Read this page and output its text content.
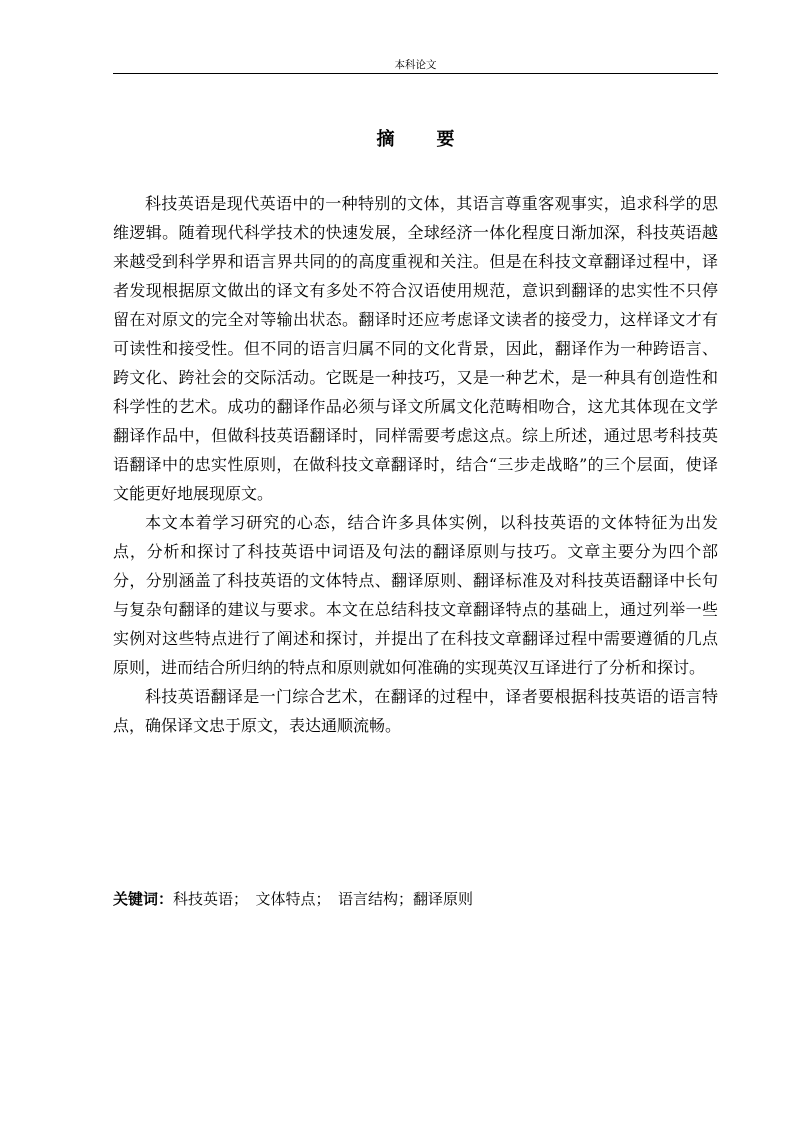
本科论文
摘要

科技英语是现代英语中的一种特别的文体，其语言尊重客观事实，追求科学的思维逻辑。随着现代科学技术的快速发展，全球经济一体化程度日渐加深，科技英语越来越受到科学界和语言界共同的的高度重视和关注。但是在科技文章翻译过程中，译者发现根据原文做出的译文有多处不符合汉语使用规范，意识到翻译的忠实性不只停留在对原文的完全对等输出状态。翻译时还应考虑译文读者的接受力，这样译文才有可读性和接受性。但不同的语言归属不同的文化背景，因此，翻译作为一种跨语言、跨文化、跨社会的交际活动。它既是一种技巧，又是一种艺术，是一种具有创造性和科学性的艺术。成功的翻译作品必须与译文所属文化范畴相吻合，这尤其体现在文学翻译作品中，但做科技英语翻译时，同样需要考虑这点。综上所述，通过思考科技英语翻译中的忠实性原则，在做科技文章翻译时，结合“三步走战略”的三个层面，使译文能更好地展现原文。

本文本着学习研究的心态，结合许多具体实例，以科技英语的文体特征为出发点，分析和探讨了科技英语中词语及句法的翻译原则与技巧。文章主要分为四个部分，分别涵盖了科技英语的文体特点、翻译原则、翻译标准及对科技英语翻译中长句与复杂句翻译的建议与要求。本文在总结科技文章翻译特点的基础上，通过列举一些实例对这些特点进行了阐述和探讨，并提出了在科技文章翻译过程中需要遵循的几点原则，进而结合所归纳的特点和原则就如何准确的实现英汉互译进行了分析和探讨。

科技英语翻译是一门综合艺术，在翻译的过程中，译者要根据科技英语的语言特点，确保译文忠于原文，表达通顺流畅。

关键词：科技英语；　文体特点；　语言结构；翻译原则
